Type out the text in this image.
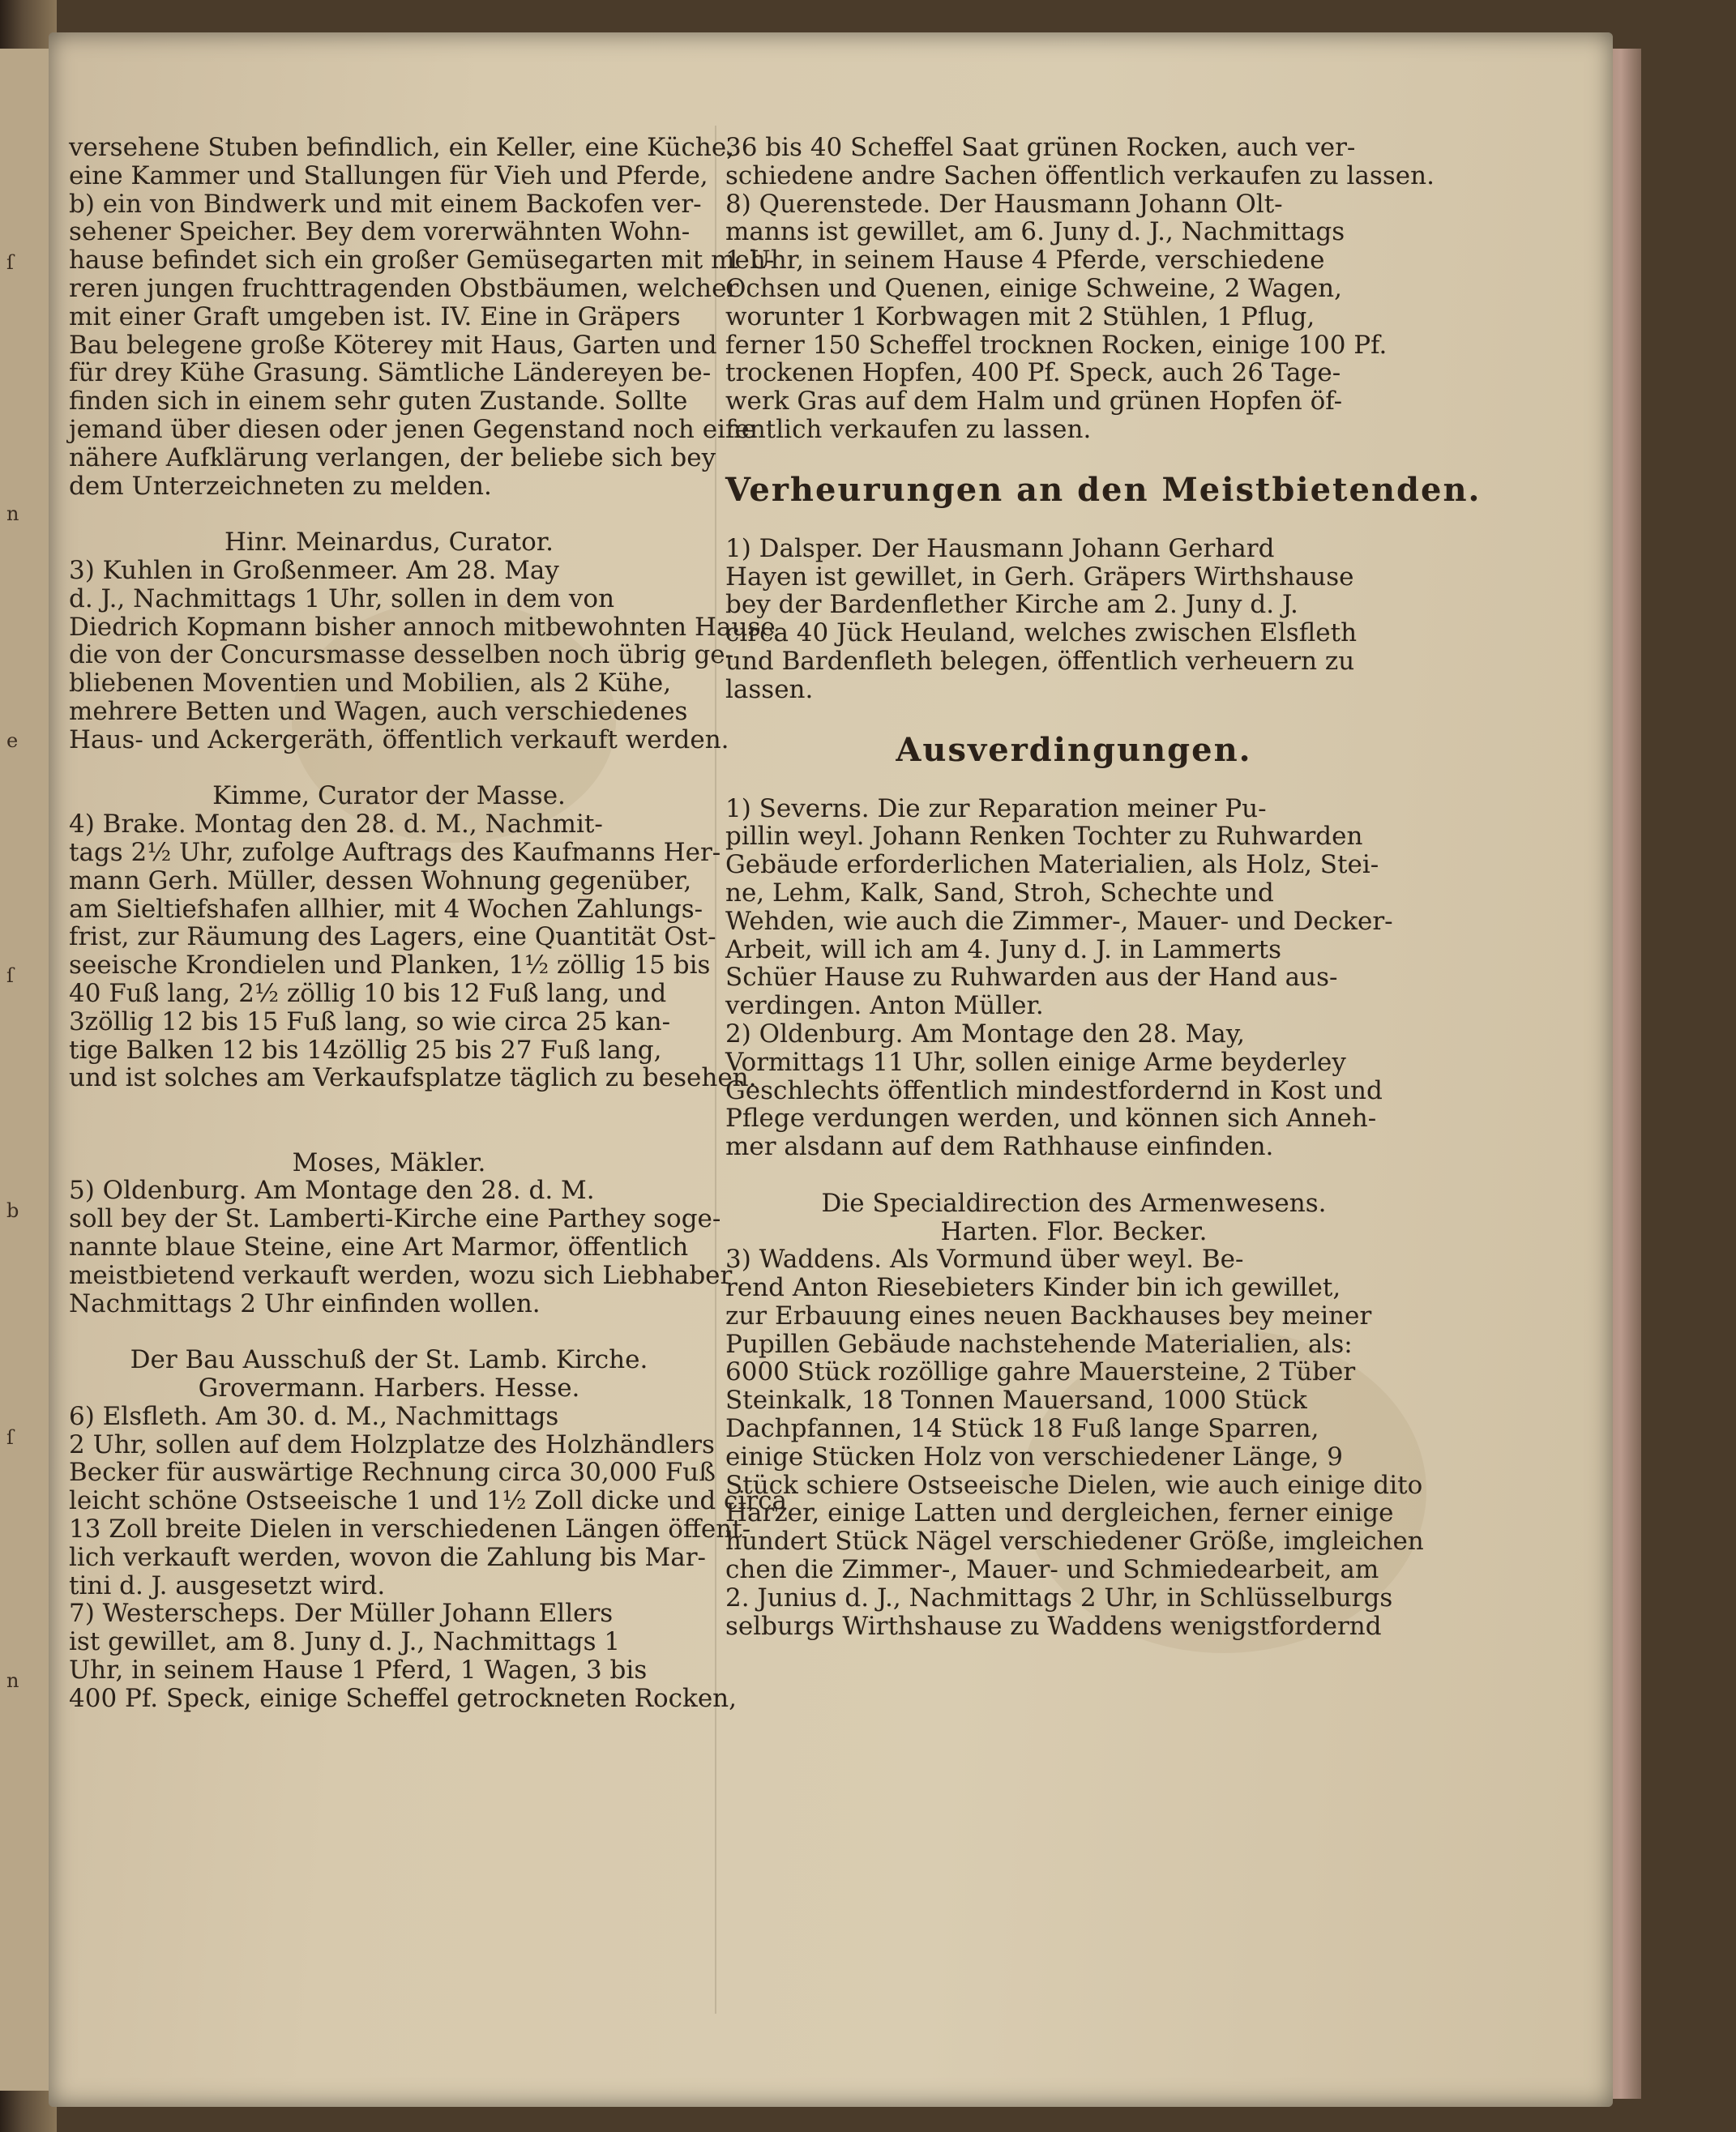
ſ
n
e
ſ
b
ſ
n
versehene Stuben befindlich, ein Keller, eine Küche,
eine Kammer und Stallungen für Vieh und Pferde,
b) ein von Bindwerk und mit einem Backofen ver-
sehener Speicher. Bey dem vorerwähnten Wohn-
hause befindet sich ein großer Gemüsegarten mit meh-
reren jungen fruchttragenden Obstbäumen, welcher
mit einer Graft umgeben ist. IV. Eine in Gräpers
Bau belegene große Köterey mit Haus, Garten und
für drey Kühe Grasung. Sämtliche Ländereyen be-
finden sich in einem sehr guten Zustande. Sollte
jemand über diesen oder jenen Gegenstand noch eine
nähere Aufklärung verlangen, der beliebe sich bey
dem Unterzeichneten zu melden.
Hinr. Meinardus, Curator.
3) Kuhlen in Großenmeer. Am 28. May
d. J., Nachmittags 1 Uhr, sollen in dem von
Diedrich Kopmann bisher annoch mitbewohnten Hause
die von der Concursmasse desselben noch übrig ge-
bliebenen Moventien und Mobilien, als 2 Kühe,
mehrere Betten und Wagen, auch verschiedenes
Haus- und Ackergeräth, öffentlich verkauft werden.
Kimme, Curator der Masse.
4) Brake. Montag den 28. d. M., Nachmit-
tags 2½ Uhr, zufolge Auftrags des Kaufmanns Her-
mann Gerh. Müller, dessen Wohnung gegenüber,
am Sieltiefshafen allhier, mit 4 Wochen Zahlungs-
frist, zur Räumung des Lagers, eine Quantität Ost-
seeische Krondielen und Planken, 1½ zöllig 15 bis
40 Fuß lang, 2½ zöllig 10 bis 12 Fuß lang, und
3zöllig 12 bis 15 Fuß lang, so wie circa 25 kan-
tige Balken 12 bis 14zöllig 25 bis 27 Fuß lang,
und ist solches am Verkaufsplatze täglich zu besehen.
Moses, Mäkler.
5) Oldenburg. Am Montage den 28. d. M.
soll bey der St. Lamberti-Kirche eine Parthey soge-
nannte blaue Steine, eine Art Marmor, öffentlich
meistbietend verkauft werden, wozu sich Liebhaber
Nachmittags 2 Uhr einfinden wollen.
Der Bau Ausschuß der St. Lamb. Kirche.
Grovermann. Harbers. Hesse.
6) Elsfleth. Am 30. d. M., Nachmittags
2 Uhr, sollen auf dem Holzplatze des Holzhändlers
Becker für auswärtige Rechnung circa 30,000 Fuß
leicht schöne Ostseeische 1 und 1½ Zoll dicke und circa
13 Zoll breite Dielen in verschiedenen Längen öffent-
lich verkauft werden, wovon die Zahlung bis Mar-
tini d. J. ausgesetzt wird.
7) Westerscheps. Der Müller Johann Ellers
ist gewillet, am 8. Juny d. J., Nachmittags 1
Uhr, in seinem Hause 1 Pferd, 1 Wagen, 3 bis
400 Pf. Speck, einige Scheffel getrockneten Rocken,
36 bis 40 Scheffel Saat grünen Rocken, auch ver-
schiedene andre Sachen öffentlich verkaufen zu lassen.
8) Querenstede. Der Hausmann Johann Olt-
manns ist gewillet, am 6. Juny d. J., Nachmittags
1 Uhr, in seinem Hause 4 Pferde, verschiedene
Ochsen und Quenen, einige Schweine, 2 Wagen,
worunter 1 Korbwagen mit 2 Stühlen, 1 Pflug,
ferner 150 Scheffel trocknen Rocken, einige 100 Pf.
trockenen Hopfen, 400 Pf. Speck, auch 26 Tage-
werk Gras auf dem Halm und grünen Hopfen öf-
fentlich verkaufen zu lassen.
Verheurungen an den Meistbietenden.
1) Dalsper. Der Hausmann Johann Gerhard
Hayen ist gewillet, in Gerh. Gräpers Wirthshause
bey der Bardenflether Kirche am 2. Juny d. J.
circa 40 Jück Heuland, welches zwischen Elsfleth
und Bardenfleth belegen, öffentlich verheuern zu
lassen.
Ausverdingungen.
1) Severns. Die zur Reparation meiner Pu-
pillin weyl. Johann Renken Tochter zu Ruhwarden
Gebäude erforderlichen Materialien, als Holz, Stei-
ne, Lehm, Kalk, Sand, Stroh, Schechte und
Wehden, wie auch die Zimmer-, Mauer- und Decker-
Arbeit, will ich am 4. Juny d. J. in Lammerts
Schüer Hause zu Ruhwarden aus der Hand aus-
verdingen. Anton Müller.
2) Oldenburg. Am Montage den 28. May,
Vormittags 11 Uhr, sollen einige Arme beyderley
Geschlechts öffentlich mindestfordernd in Kost und
Pflege verdungen werden, und können sich Anneh-
mer alsdann auf dem Rathhause einfinden.
Die Specialdirection des Armenwesens.
Harten. Flor. Becker.
3) Waddens. Als Vormund über weyl. Be-
rend Anton Riesebieters Kinder bin ich gewillet,
zur Erbauung eines neuen Backhauses bey meiner
Pupillen Gebäude nachstehende Materialien, als:
6000 Stück rozöllige gahre Mauersteine, 2 Tüber
Steinkalk, 18 Tonnen Mauersand, 1000 Stück
Dachpfannen, 14 Stück 18 Fuß lange Sparren,
einige Stücken Holz von verschiedener Länge, 9
Stück schiere Ostseeische Dielen, wie auch einige dito
Harzer, einige Latten und dergleichen, ferner einige
hundert Stück Nägel verschiedener Größe, imgleichen
chen die Zimmer-, Mauer- und Schmiedearbeit, am
2. Junius d. J., Nachmittags 2 Uhr, in Schlüsselburgs
selburgs Wirthshause zu Waddens wenigstfordernd
